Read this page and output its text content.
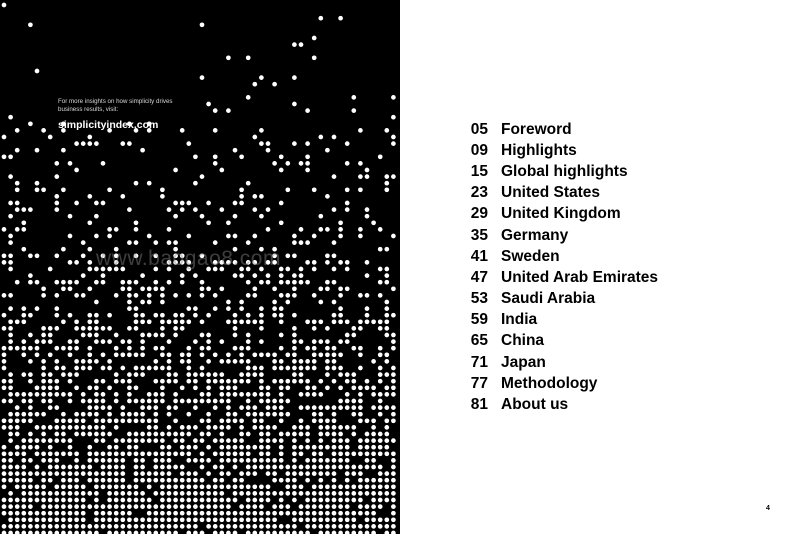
For more insights on how simplicity drives business results, visit:

simplicityindex.com
www.baogao8.com
05 Foreword
09 Highlights
15 Global highlights
23 United States
29 United Kingdom
35 Germany
41 Sweden
47 United Arab Emirates
53 Saudi Arabia
59 India
65 China
71 Japan
77 Methodology
81 About us
4
